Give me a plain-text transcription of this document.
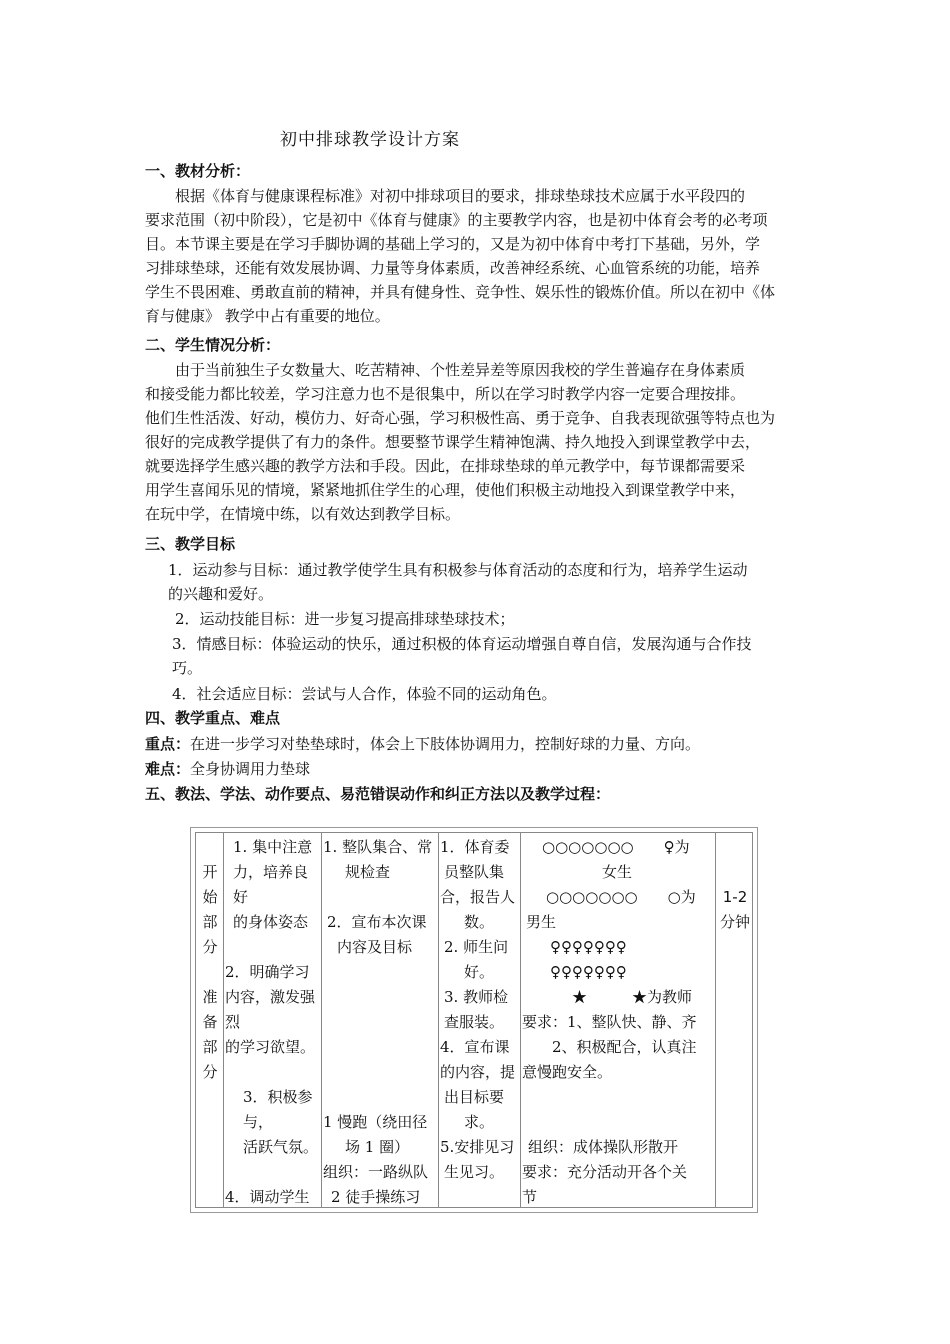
初中排球教学设计方案
一、教材分析：
根据《体育与健康课程标准》对初中排球项目的要求，排球垫球技术应属于水平段四的
要求范围（初中阶段），它是初中《体育与健康》的主要教学内容，也是初中体育会考的必考项
目。本节课主要是在学习手脚协调的基础上学习的，又是为初中体育中考打下基础，另外，学
习排球垫球，还能有效发展协调、力量等身体素质，改善神经系统、心血管系统的功能，培养
学生不畏困难、勇敢直前的精神，并具有健身性、竞争性、娱乐性的锻炼价值。所以在初中《体
育与健康》 教学中占有重要的地位。
二、学生情况分析：
由于当前独生子女数量大、吃苦精神、个性差异差等原因我校的学生普遍存在身体素质
和接受能力都比较差，学习注意力也不是很集中，所以在学习时教学内容一定要合理按排。
他们生性活泼、好动，模仿力、好奇心强，学习积极性高、勇于竞争、自我表现欲强等特点也为
很好的完成教学提供了有力的条件。想要整节课学生精神饱满、持久地投入到课堂教学中去，
就要选择学生感兴趣的教学方法和手段。因此，在排球垫球的单元教学中，每节课都需要采
用学生喜闻乐见的情境，紧紧地抓住学生的心理，使他们积极主动地投入到课堂教学中来，
在玩中学，在情境中练，以有效达到教学目标。
三、教学目标
1．运动参与目标：通过教学使学生具有积极参与体育活动的态度和行为，培养学生运动
的兴趣和爱好。
2．运动技能目标：进一步复习提高排球垫球技术；
3．情感目标：体验运动的快乐，通过积极的体育运动增强自尊自信，发展沟通与合作技
巧。
4．社会适应目标：尝试与人合作，体验不同的运动角色。
四、教学重点、难点
重点：在进一步学习对垫垫球时，体会上下肢体协调用力，控制好球的力量、方向。
难点：全身协调用力垫球
五、教法、学法、动作要点、易范错误动作和纠正方法以及教学过程：
开
始
部
分
准
备
部
分
1. 集中注意
力，培养良
好
的身体姿态
2．明确学习
内容，激发强
烈
的学习欲望。
3．积极参
与，
活跃气氛。
4．调动学生
1. 整队集合、常
规检查
2．宣布本次课
内容及目标
1 慢跑（绕田径
场 1 圈）
组织：一路纵队
2 徒手操练习
1．体育委
员整队集
合，报告人
数。
2. 师生问
好。
3. 教师检
查服装。
4．宣布课
的内容，提
出目标要
求。
5.安排见习
生见习。
○○○○○○○　　♀为
女生
○○○○○○○　　○为
男生
♀♀♀♀♀♀♀
♀♀♀♀♀♀♀
★　　　★为教师
要求：1、整队快、静、齐
　　2、积极配合，认真注
意慢跑安全。
组织：成体操队形散开
要求：充分活动开各个关
节
1-2
分钟
